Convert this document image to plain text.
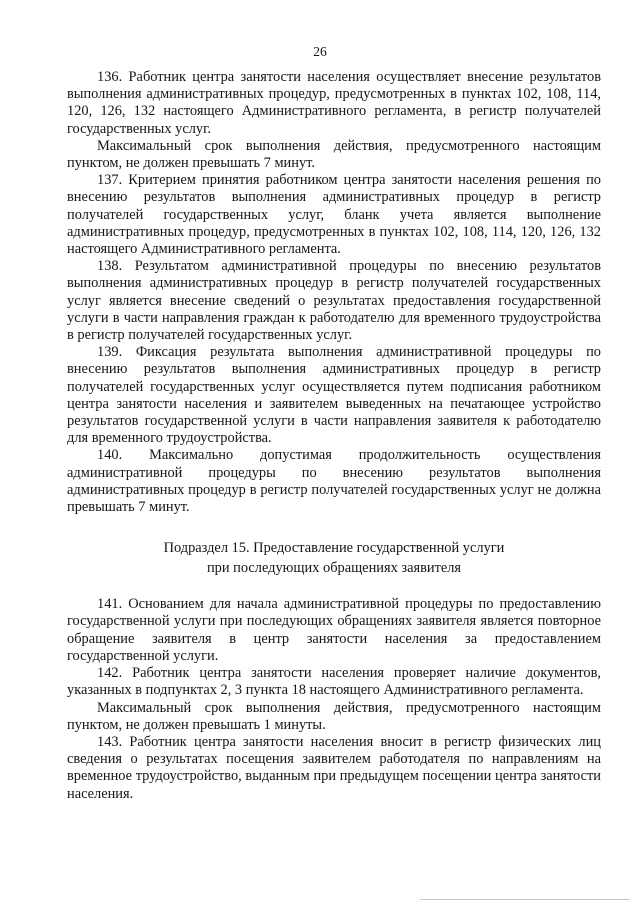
26

136. Работник центра занятости населения осуществляет внесение результатов выполнения административных процедур, предусмотренных в пунктах 102, 108, 114, 120, 126, 132 настоящего Административного регламента, в регистр получателей государственных услуг.

Максимальный срок выполнения действия, предусмотренного настоящим пунктом, не должен превышать 7 минут.

137. Критерием принятия работником центра занятости населения решения по внесению результатов выполнения административных процедур в регистр получателей государственных услуг, бланк учета является выполнение административных процедур, предусмотренных в пунктах 102, 108, 114, 120, 126, 132 настоящего Административного регламента.

138. Результатом административной процедуры по внесению результатов выполнения административных процедур в регистр получателей государственных услуг является внесение сведений о результатах предоставления государственной услуги в части направления граждан к работодателю для временного трудоустройства в регистр получателей государственных услуг.

139. Фиксация результата выполнения административной процедуры по внесению результатов выполнения административных процедур в регистр получателей государственных услуг осуществляется путем подписания работником центра занятости населения и заявителем выведенных на печатающее устройство результатов государственной услуги в части направления заявителя к работодателю для временного трудоустройства.

140. Максимально допустимая продолжительность осуществления административной процедуры по внесению результатов выполнения административных процедур в регистр получателей государственных услуг не должна превышать 7 минут.

Подраздел 15. Предоставление государственной услуги

при последующих обращениях заявителя

141. Основанием для начала административной процедуры по предоставлению государственной услуги при последующих обращениях заявителя является повторное обращение заявителя в центр занятости населения за предоставлением государственной услуги.

142. Работник центра занятости населения проверяет наличие документов, указанных в подпунктах 2, 3 пункта 18 настоящего Административного регламента.

Максимальный срок выполнения действия, предусмотренного настоящим пунктом, не должен превышать 1 минуты.

143. Работник центра занятости населения вносит в регистр физических лиц сведения о результатах посещения заявителем работодателя по направлениям на временное трудоустройство, выданным при предыдущем посещении центра занятости населения.
